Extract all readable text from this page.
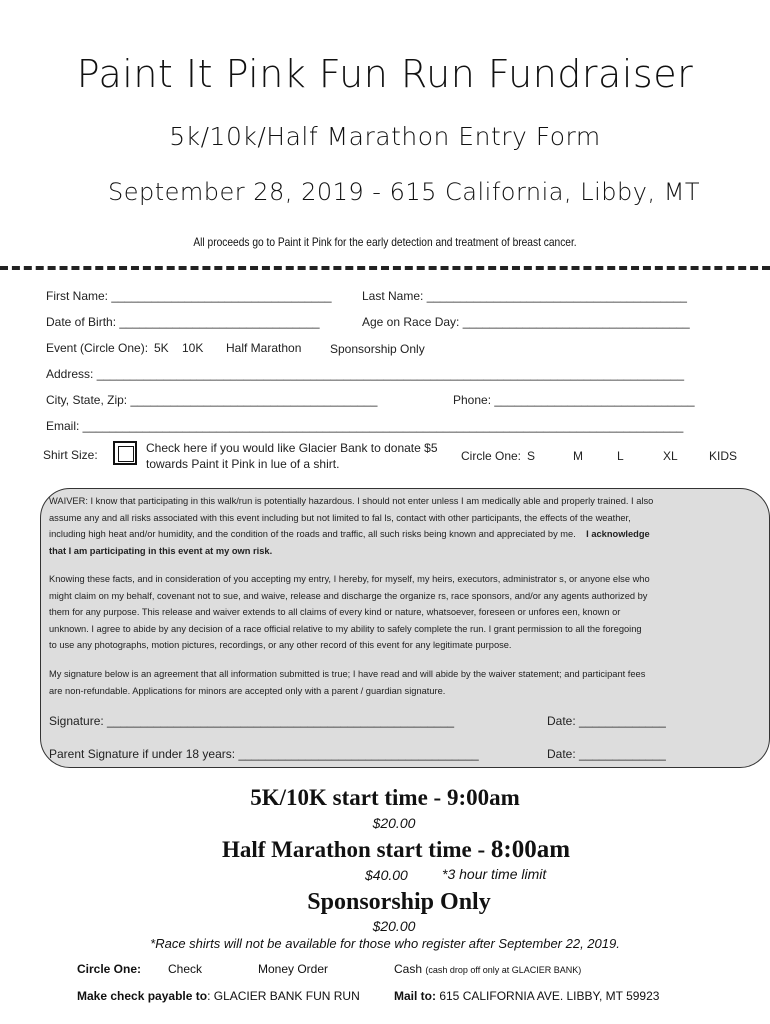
Paint It Pink Fun Run Fundraiser
5k/10k/Half Marathon Entry Form
September 28, 2019 - 615 California, Libby, MT
All proceeds go to Paint it Pink for the early detection and treatment of breast cancer.
First Name: _________________________________	Last Name: _______________________________________
Date of Birth: ______________________________	Age on Race Day: __________________________________
Event (Circle One): 5K 10K Half Marathon Sponsorship Only
Address: ________________________________________________________________________________________
City, State, Zip: _____________________________________	Phone: ______________________________
Email: __________________________________________________________________________________________
Shirt Size:	Check here if you would like Glacier Bank to donate $5
towards Paint it Pink in lue of a shirt.
Circle One: S	M	L	XL	KIDS
WAIVER: I know that participating in this walk/run is potentially hazardous. I should not enter unless I am medically able and properly trained. I also
assume any and all risks associated with this event including but not limited to fal ls, contact with other participants, the effects of the weather,
including high heat and/or humidity, and the condition of the roads and traffic, all such risks being known and appreciated by me. I acknowledge
that I am participating in this event at my own risk.
Knowing these facts, and in consideration of you accepting my entry, I hereby, for myself, my heirs, executors, administrator s, or anyone else who
might claim on my behalf, covenant not to sue, and waive, release and discharge the organize rs, race sponsors, and/or any agents authorized by
them for any purpose. This release and waiver extends to all claims of every kind or nature, whatsoever, foreseen or unfores een, known or
unknown. I agree to abide by any decision of a race official relative to my ability to safely complete the run. I grant permission to all the foregoing
to use any photographs, motion pictures, recordings, or any other record of this event for any legitimate purpose.
My signature below is an agreement that all information submitted is true; I have read and will abide by the waiver statement; and participant fees
are non-refundable. Applications for minors are accepted only with a parent / guardian signature.
Signature: ____________________________________________________	Date: _____________
Parent Signature if under 18 years: ____________________________________	Date: _____________
5K/10K start time - 9:00am
$20.00
Half Marathon start time - 8:00am
$40.00 *3 hour time limit
Sponsorship Only
$20.00
*Race shirts will not be available for those who register after September 22, 2019.
Circle One: Check	Money Order	Cash (cash drop off only at GLACIER BANK)
Make check payable to: GLACIER BANK FUN RUN	Mail to: 615 CALIFORNIA AVE. LIBBY, MT 59923
